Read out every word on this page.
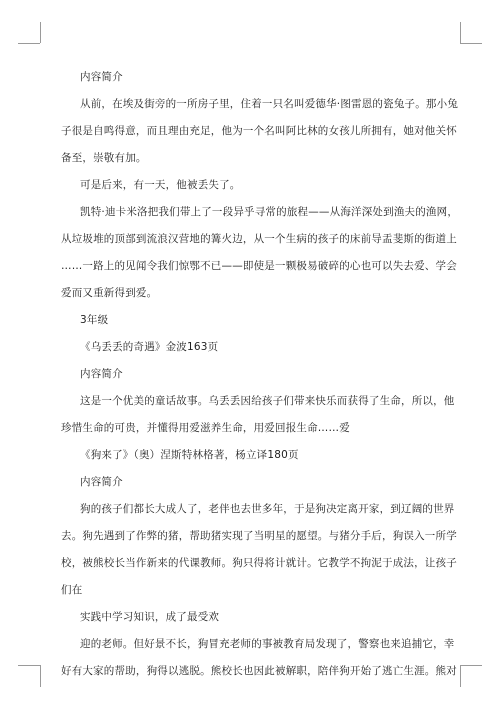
内容简介
从前，在埃及街旁的一所房子里，住着一只名叫爱德华·图雷恩的瓷兔子。那小兔
子很是自鸣得意，而且理由充足，他为一个名叫阿比林的女孩儿所拥有，她对他关怀
备至，崇敬有加。
可是后来，有一天，他被丢失了。
凯特·迪卡米洛把我们带上了一段异乎寻常的旅程——从海洋深处到渔夫的渔网，
从垃圾堆的顶部到流浪汉营地的篝火边，从一个生病的孩子的床前导盂斐斯的街道上
……一路上的见闻令我们惊鄂不已——即使是一颗极易破碎的心也可以失去爱、学会
爱而又重新得到爱。
3年级
《乌丢丢的奇遇》金波163页
内容简介
这是一个优美的童话故事。乌丢丢因给孩子们带来快乐而获得了生命，所以，他
珍惜生命的可贵，并懂得用爱滋养生命，用爱回报生命……爱
《狗来了》（奥）涅斯特林格著，杨立译180页
内容简介
狗的孩子们都长大成人了，老伴也去世多年，于是狗决定离开家，到辽阔的世界
去。狗先遇到了作弊的猪，帮助猪实现了当明星的愿望。与猪分手后，狗误入一所学
校，被熊校长当作新来的代课教师。狗只得将计就计。它教学不拘泥于成法，让孩子
们在
实践中学习知识，成了最受欢
迎的老师。但好景不长，狗冒充老师的事被教育局发现了，警察也来追捕它，幸
好有大家的帮助，狗得以逃脱。熊校长也因此被解职，陪伴狗开始了逃亡生涯。熊对
